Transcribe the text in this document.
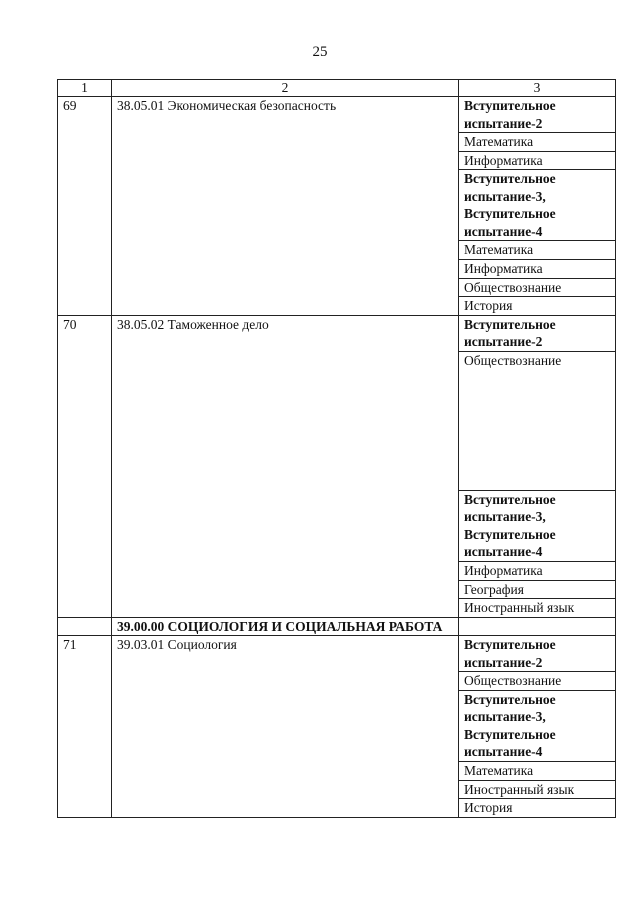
25
1	2	3
69	38.05.01 Экономическая безопасность	Вступительное испытание-2
		Математика
		Информатика
		Вступительное испытание-3, Вступительное испытание-4
		Математика
		Информатика
		Обществознание
		История
70	38.05.02 Таможенное дело	Вступительное испытание-2
		Обществознание
		Вступительное испытание-3, Вступительное испытание-4
		Информатика
		География
		Иностранный язык
	39.00.00 СОЦИОЛОГИЯ И СОЦИАЛЬНАЯ РАБОТА	
71	39.03.01 Социология	Вступительное испытание-2
		Обществознание
		Вступительное испытание-3, Вступительное испытание-4
		Математика
		Иностранный язык
		История
